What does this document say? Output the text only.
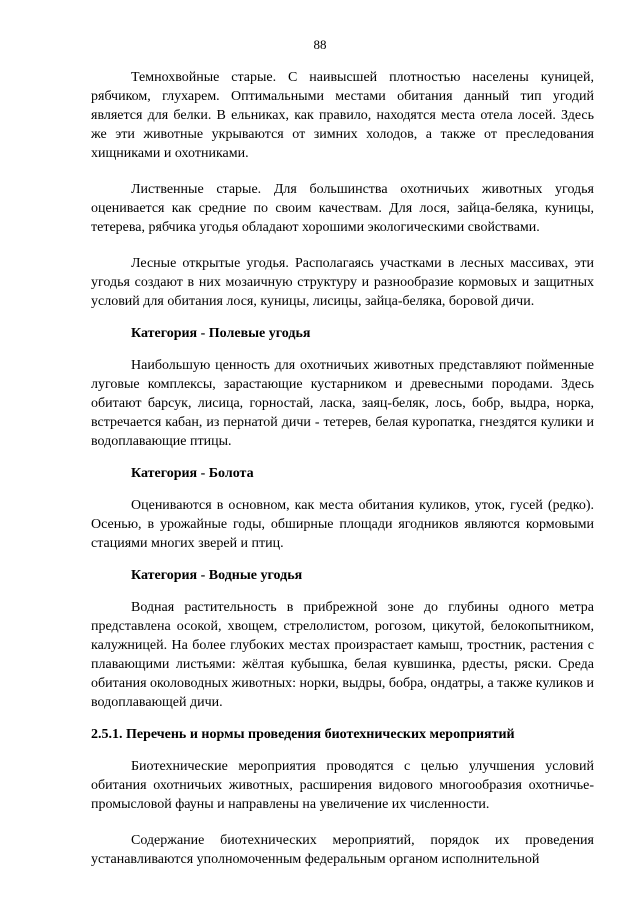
88

Темнохвойные старые. С наивысшей плотностью населены куницей, рябчиком, глухарем. Оптимальными местами обитания данный тип угодий является для белки. В ельниках, как правило, находятся места отела лосей. Здесь же эти животные укрываются от зимних холодов, а также от преследования хищниками и охотниками.

Лиственные старые. Для большинства охотничьих животных угодья оценивается как средние по своим качествам. Для лося, зайца-беляка, куницы, тетерева, рябчика угодья обладают хорошими экологическими свойствами.

Лесные открытые угодья. Располагаясь участками в лесных массивах, эти угодья создают в них мозаичную структуру и разнообразие кормовых и защитных условий для обитания лося, куницы, лисицы, зайца-беляка, боровой дичи.

Категория - Полевые угодья

Наибольшую ценность для охотничьих животных представляют пойменные луговые комплексы, зарастающие кустарником и древесными породами. Здесь обитают барсук, лисица, горностай, ласка, заяц-беляк, лось, бобр, выдра, норка, встречается кабан, из пернатой дичи - тетерев, белая куропатка, гнездятся кулики и водоплавающие птицы.

Категория - Болота

Оцениваются в основном, как места обитания куликов, уток, гусей (редко). Осенью, в урожайные годы, обширные площади ягодников являются кормовыми стациями многих зверей и птиц.

Категория - Водные угодья

Водная растительность в прибрежной зоне до глубины одного метра представлена осокой, хвощем, стрелолистом, рогозом, цикутой, белокопытником, калужницей. На более глубоких местах произрастает камыш, тростник, растения с плавающими листьями: жёлтая кубышка, белая кувшинка, рдесты, ряски. Среда обитания околоводных животных: норки, выдры, бобра, ондатры, а также куликов и водоплавающей дичи.

2.5.1. Перечень и нормы проведения биотехнических мероприятий

Биотехнические мероприятия проводятся с целью улучшения условий обитания охотничьих животных, расширения видового многообразия охотничье-промысловой фауны и направлены на увеличение их численности.

Содержание биотехнических мероприятий, порядок их проведения устанавливаются уполномоченным федеральным органом исполнительной
